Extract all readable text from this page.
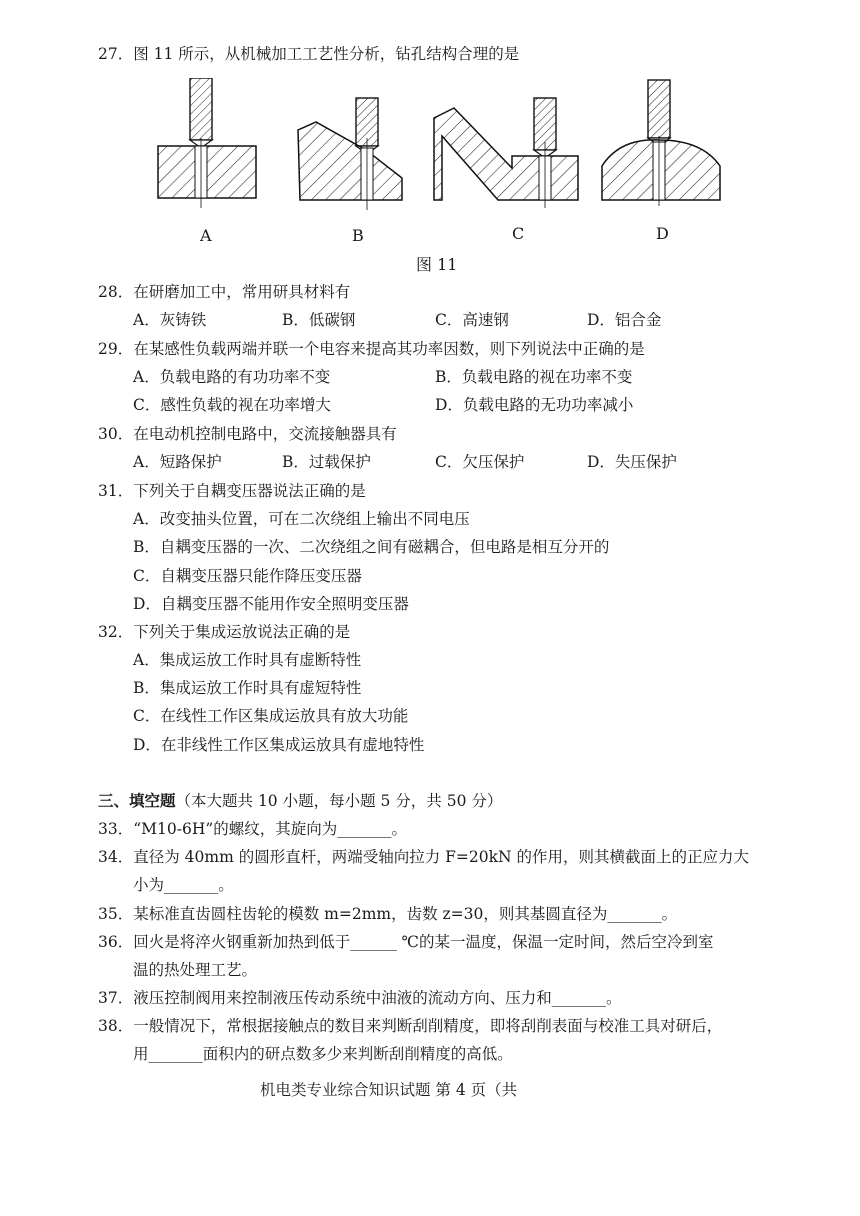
27．图 11 所示，从机械加工工艺性分析，钻孔结构合理的是
A	B	C	D
图 11
28．在研磨加工中，常用研具材料有
A．灰铸铁	B．低碳钢	C．高速钢	D．铝合金
29．在某感性负载两端并联一个电容来提高其功率因数，则下列说法中正确的是
A．负载电路的有功功率不变	B．负载电路的视在功率不变
C．感性负载的视在功率增大	D．负载电路的无功功率减小
30．在电动机控制电路中，交流接触器具有
A．短路保护	B．过载保护	C．欠压保护	D．失压保护
31．下列关于自耦变压器说法正确的是
A．改变抽头位置，可在二次绕组上输出不同电压
B．自耦变压器的一次、二次绕组之间有磁耦合，但电路是相互分开的
C．自耦变压器只能作降压变压器
D．自耦变压器不能用作安全照明变压器
32．下列关于集成运放说法正确的是
A．集成运放工作时具有虚断特性
B．集成运放工作时具有虚短特性
C．在线性工作区集成运放具有放大功能
D．在非线性工作区集成运放具有虚地特性
三、填空题（本大题共 10 小题，每小题 5 分，共 50 分）
33．“M10-6H”的螺纹，其旋向为_______。
34．直径为 40mm 的圆形直杆，两端受轴向拉力 F=20kN 的作用，则其横截面上的正应力大
小为_______。
35．某标准直齿圆柱齿轮的模数 m=2mm，齿数 z=30，则其基圆直径为_______。
36．回火是将淬火钢重新加热到低于______ ℃的某一温度，保温一定时间，然后空冷到室
温的热处理工艺。
37．液压控制阀用来控制液压传动系统中油液的流动方向、压力和_______。
38．一般情况下，常根据接触点的数目来判断刮削精度，即将刮削表面与校准工具对研后，
用_______面积内的研点数多少来判断刮削精度的高低。
机电类专业综合知识试题 第 4 页（共
